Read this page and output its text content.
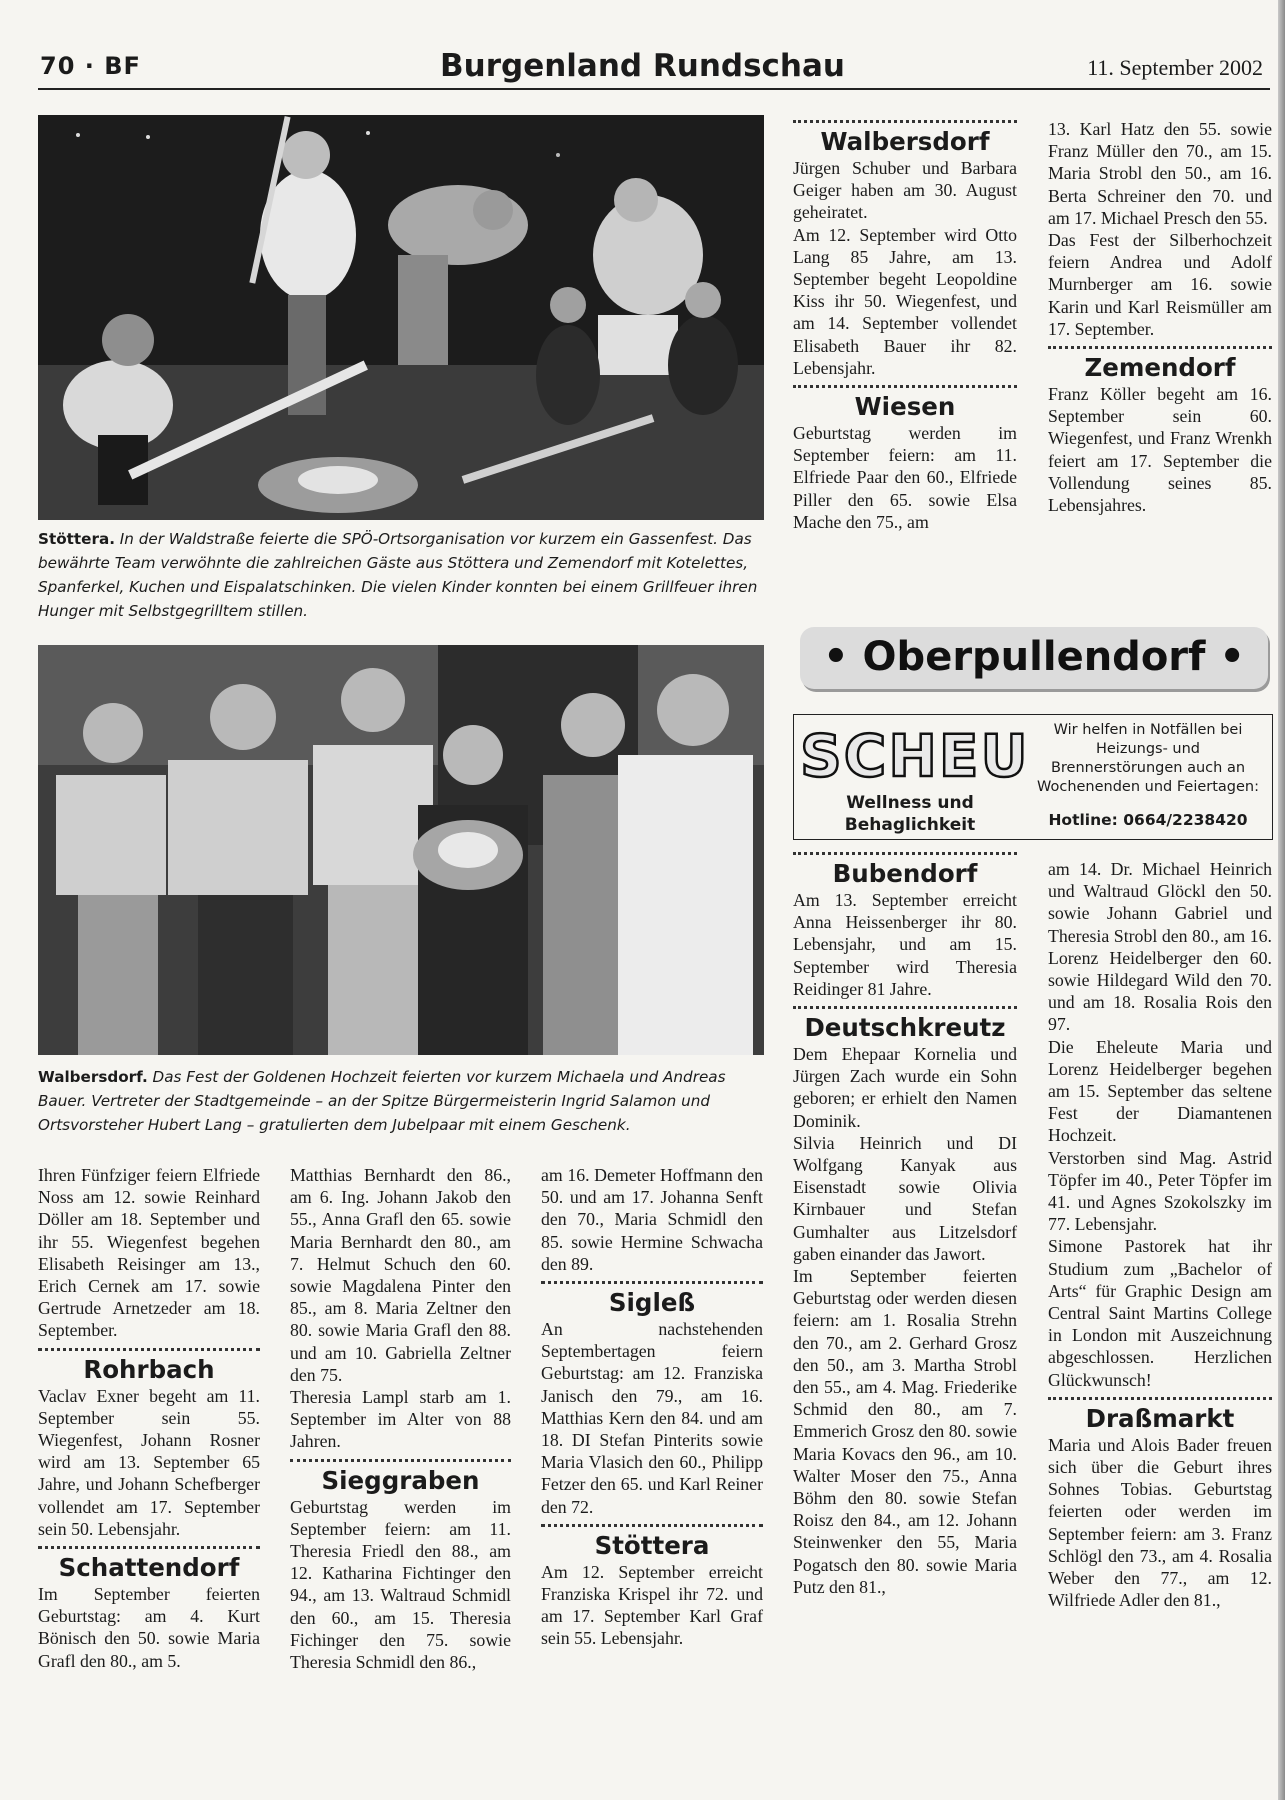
70 · BF	Burgenland Rundschau	11. September 2002
Stöttera. In der Waldstraße feierte die SPÖ-Ortsorganisation vor kurzem ein Gassenfest. Das bewährte Team verwöhnte die zahlreichen Gäste aus Stöttera und Zemendorf mit Kotelettes, Spanferkel, Kuchen und Eispalatschinken. Die vielen Kinder konnten bei einem Grillfeuer ihren Hunger mit Selbstgegrilltem stillen.
Walbersdorf. Das Fest der Goldenen Hochzeit feierten vor kurzem Michaela und Andreas Bauer. Vertreter der Stadtgemeinde – an der Spitze Bürgermeisterin Ingrid Salamon und Ortsvorsteher Hubert Lang – gratulierten dem Jubelpaar mit einem Geschenk.

Ihren Fünfziger feiern Elfriede Noss am 12. sowie Reinhard Döller am 18. September und ihr 55. Wiegenfest begehen Elisabeth Reisinger am 13., Erich Cernek am 17. sowie Gertrude Arnetzeder am 18. September.

Rohrbach

Vaclav Exner begeht am 11. September sein 55. Wiegenfest, Johann Rosner wird am 13. September 65 Jahre, und Johann Schefberger vollendet am 17. September sein 50. Lebensjahr.

Schattendorf

Im September feierten Geburtstag: am 4. Kurt Bönisch den 50. sowie Maria Grafl den 80., am 5.

Matthias Bernhardt den 86., am 6. Ing. Johann Jakob den 55., Anna Grafl den 65. sowie Maria Bernhardt den 80., am 7. Helmut Schuch den 60. sowie Magdalena Pinter den 85., am 8. Maria Zeltner den 80. sowie Maria Grafl den 88. und am 10. Gabriella Zeltner den 75.

Theresia Lampl starb am 1. September im Alter von 88 Jahren.

Sieggraben

Geburtstag werden im September feiern: am 11. Theresia Friedl den 88., am 12. Katharina Fichtinger den 94., am 13. Waltraud Schmidl den 60., am 15. Theresia Fichinger den 75. sowie Theresia Schmidl den 86.,

am 16. Demeter Hoffmann den 50. und am 17. Johanna Senft den 70., Maria Schmidl den 85. sowie Hermine Schwacha den 89.

Sigleß

An nachstehenden Septembertagen feiern Geburtstag: am 12. Franziska Janisch den 79., am 16. Matthias Kern den 84. und am 18. DI Stefan Pinterits sowie Maria Vlasich den 60., Philipp Fetzer den 65. und Karl Reiner den 72.

Stöttera

Am 12. September erreicht Franziska Krispel ihr 72. und am 17. September Karl Graf sein 55. Lebensjahr.

Walbersdorf

Jürgen Schuber und Barbara Geiger haben am 30. August geheiratet.

Am 12. September wird Otto Lang 85 Jahre, am 13. September begeht Leopoldine Kiss ihr 50. Wiegenfest, und am 14. September vollendet Elisabeth Bauer ihr 82. Lebensjahr.

Wiesen

Geburtstag werden im September feiern: am 11. Elfriede Paar den 60., Elfriede Piller den 65. sowie Elsa Mache den 75., am

13. Karl Hatz den 55. sowie Franz Müller den 70., am 15. Maria Strobl den 50., am 16. Berta Schreiner den 70. und am 17. Michael Presch den 55.

Das Fest der Silberhochzeit feiern Andrea und Adolf Murnberger am 16. sowie Karin und Karl Reismüller am 17. September.

Zemendorf

Franz Köller begeht am 16. September sein 60. Wiegenfest, und Franz Wrenkh feiert am 17. September die Vollendung seines 85. Lebensjahres.

• Oberpullendorf •
SCHEU
Wellness und
Behaglichkeit
Wir helfen in Notfällen bei Heizungs- und Brennerstörungen auch an Wochenenden und Feiertagen:
Hotline: 0664/2238420
Bubendorf

Am 13. September erreicht Anna Heissenberger ihr 80. Lebensjahr, und am 15. September wird Theresia Reidinger 81 Jahre.

Deutschkreutz

Dem Ehepaar Kornelia und Jürgen Zach wurde ein Sohn geboren; er erhielt den Namen Dominik.

Silvia Heinrich und DI Wolfgang Kanyak aus Eisenstadt sowie Olivia Kirnbauer und Stefan Gumhalter aus Litzelsdorf gaben einander das Jawort.

Im September feierten Geburtstag oder werden diesen feiern: am 1. Rosalia Strehn den 70., am 2. Gerhard Grosz den 50., am 3. Martha Strobl den 55., am 4. Mag. Friederike Schmid den 80., am 7. Emmerich Grosz den 80. sowie Maria Kovacs den 96., am 10. Walter Moser den 75., Anna Böhm den 80. sowie Stefan Roisz den 84., am 12. Johann Steinwenker den 55, Maria Pogatsch den 80. sowie Maria Putz den 81.,

am 14. Dr. Michael Heinrich und Waltraud Glöckl den 50. sowie Johann Gabriel und Theresia Strobl den 80., am 16. Lorenz Heidelberger den 60. sowie Hildegard Wild den 70. und am 18. Rosalia Rois den 97.

Die Eheleute Maria und Lorenz Heidelberger begehen am 15. September das seltene Fest der Diamantenen Hochzeit.

Verstorben sind Mag. Astrid Töpfer im 40., Peter Töpfer im 41. und Agnes Szokolszky im 77. Lebensjahr.

Simone Pastorek hat ihr Studium zum „Bachelor of Arts“ für Graphic Design am Central Saint Martins College in London mit Auszeichnung abgeschlossen. Herzlichen Glückwunsch!

Draßmarkt

Maria und Alois Bader freuen sich über die Geburt ihres Sohnes Tobias. Geburtstag feierten oder werden im September feiern: am 3. Franz Schlögl den 73., am 4. Rosalia Weber den 77., am 12. Wilfriede Adler den 81.,
